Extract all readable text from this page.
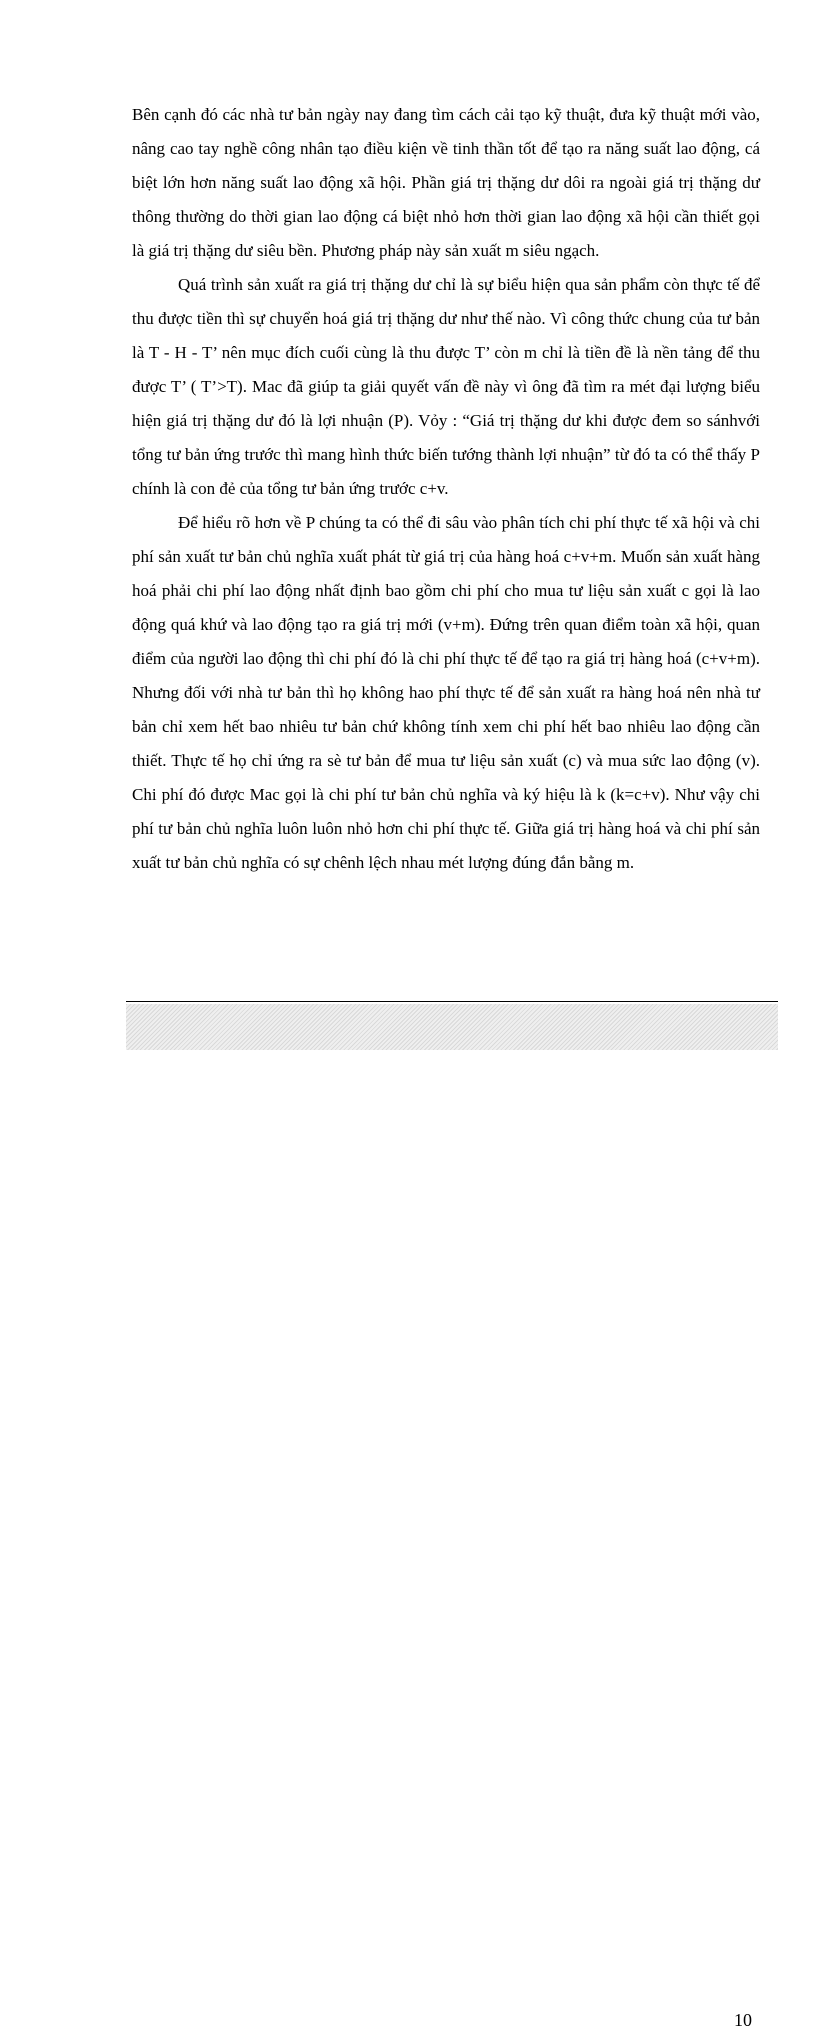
Bên cạnh đó các nhà tư bản ngày nay đang tìm cách cải tạo kỹ thuật, đưa kỹ thuật mới vào, nâng cao tay nghề công nhân tạo điều kiện về tinh thần tốt để tạo ra năng suất lao động, cá biệt lớn hơn năng suất lao động xã hội. Phần giá trị thặng dư dôi ra ngoài giá trị thặng dư thông thường do thời gian lao động cá biệt nhỏ hơn thời gian lao động xã hội cần thiết gọi là giá trị thặng dư siêu bền. Phương pháp này sản xuất m siêu ngạch.

Quá trình sản xuất ra giá trị thặng dư chỉ là sự biểu hiện qua sản phẩm còn thực tế để thu được tiền thì sự chuyển hoá giá trị thặng dư như thế nào. Vì công thức chung của tư bản là T - H - T’ nên mục đích cuối cùng là thu được T’ còn m chỉ là tiền đề là nền tảng để thu được T’ ( T’>T). Mac đã giúp ta giải quyết vấn đề này vì ông đã tìm ra mét đại lượng biểu hiện giá trị thặng dư đó là lợi nhuận (P). Vỏy : “Giá trị thặng dư khi được đem so sánhvới tổng tư bản ứng trước thì mang hình thức biến tướng thành lợi nhuận” từ đó ta có thể thấy P chính là con đẻ của tổng tư bản ứng trước c+v.

Để hiểu rõ hơn về P chúng ta có thể đi sâu vào phân tích chi phí thực tế xã hội và chi phí sản xuất tư bản chủ nghĩa xuất phát từ giá trị của hàng hoá c+v+m. Muốn sản xuất hàng hoá phải chi phí lao động nhất định bao gồm chi phí cho mua tư liệu sản xuất c gọi là lao động quá khứ và lao động tạo ra giá trị mới (v+m). Đứng trên quan điểm toàn xã hội, quan điểm của người lao động thì chi phí đó là chi phí thực tế để tạo ra giá trị hàng hoá (c+v+m). Nhưng đối với nhà tư bản thì họ không hao phí thực tế để sản xuất ra hàng hoá nên nhà tư bản chỉ xem hết bao nhiêu tư bản chứ không tính xem chi phí hết bao nhiêu lao động cần thiết. Thực tế họ chỉ ứng ra sè tư bản để mua tư liệu sản xuất (c) và mua sức lao động (v). Chi phí đó được Mac gọi là chi phí tư bản chủ nghĩa và ký hiệu là k (k=c+v). Như vậy chi phí tư bản chủ nghĩa luôn luôn nhỏ hơn chi phí thực tế. Giữa giá trị hàng hoá và chi phí sản xuất tư bản chủ nghĩa có sự chênh lệch nhau mét lượng đúng đắn bằng m.

10
